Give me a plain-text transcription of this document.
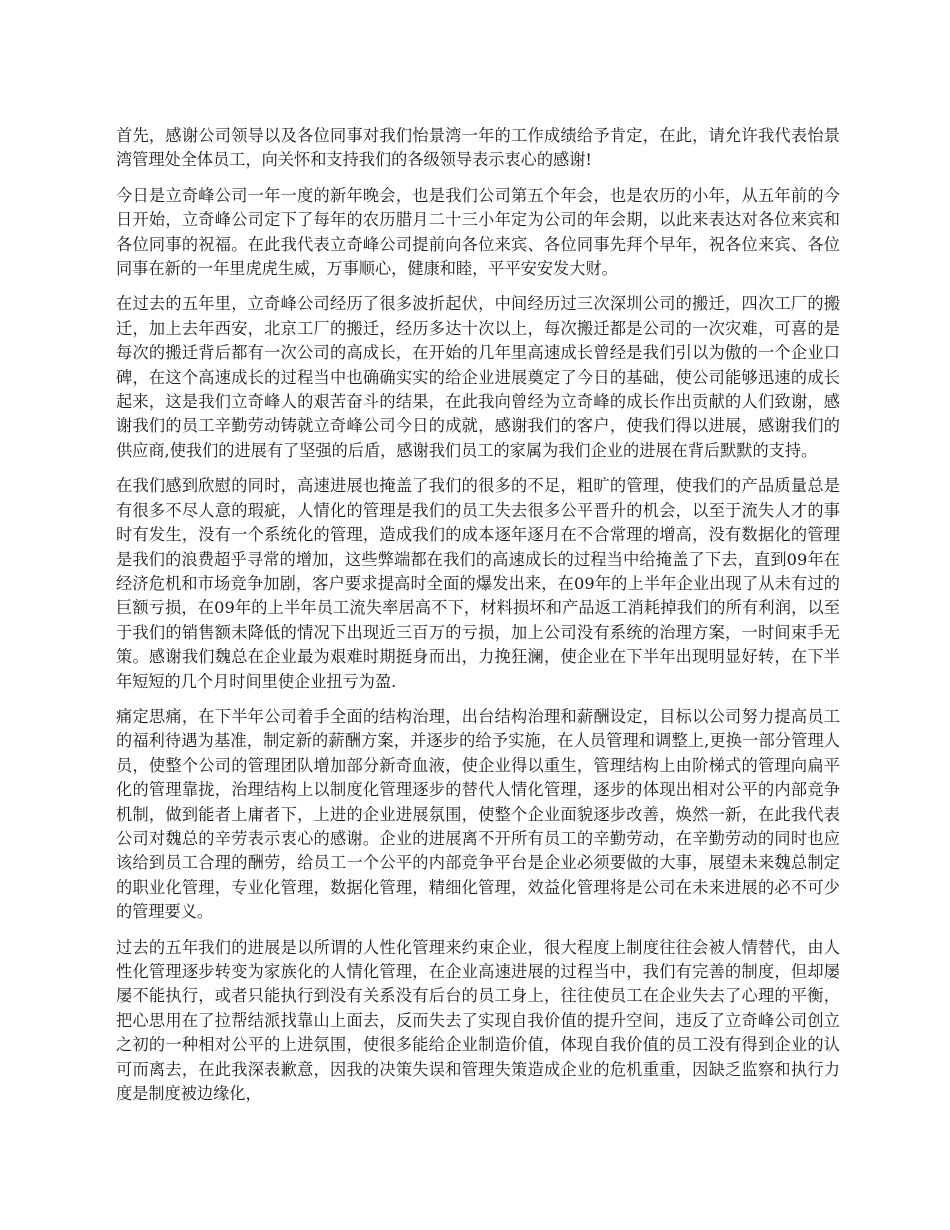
首先，感谢公司领导以及各位同事对我们怡景湾一年的工作成绩给予肯定，在此，请允许我代表怡景湾管理处全体员工，向关怀和支持我们的各级领导表示衷心的感谢!

今日是立奇峰公司一年一度的新年晚会，也是我们公司第五个年会，也是农历的小年，从五年前的今日开始，立奇峰公司定下了每年的农历腊月二十三小年定为公司的年会期，以此来表达对各位来宾和各位同事的祝福。在此我代表立奇峰公司提前向各位来宾、各位同事先拜个早年，祝各位来宾、各位同事在新的一年里虎虎生威，万事顺心，健康和睦，平平安安发大财。

在过去的五年里，立奇峰公司经历了很多波折起伏，中间经历过三次深圳公司的搬迁，四次工厂的搬迁，加上去年西安，北京工厂的搬迁，经历多达十次以上，每次搬迁都是公司的一次灾难，可喜的是每次的搬迁背后都有一次公司的高成长，在开始的几年里高速成长曾经是我们引以为傲的一个企业口碑，在这个高速成长的过程当中也确确实实的给企业进展奠定了今日的基础，使公司能够迅速的成长起来，这是我们立奇峰人的艰苦奋斗的结果，在此我向曾经为立奇峰的成长作出贡献的人们致谢，感谢我们的员工辛勤劳动铸就立奇峰公司今日的成就，感谢我们的客户，使我们得以进展，感谢我们的供应商,使我们的进展有了坚强的后盾，感谢我们员工的家属为我们企业的进展在背后默默的支持。

在我们感到欣慰的同时，高速进展也掩盖了我们的很多的不足，粗旷的管理，使我们的产品质量总是有很多不尽人意的瑕疵，人情化的管理是我们的员工失去很多公平晋升的机会，以至于流失人才的事时有发生，没有一个系统化的管理，造成我们的成本逐年逐月在不合常理的增高，没有数据化的管理是我们的浪费超乎寻常的增加，这些弊端都在我们的高速成长的过程当中给掩盖了下去，直到09年在经济危机和市场竞争加剧，客户要求提高时全面的爆发出来，在09年的上半年企业出现了从未有过的巨额亏损，在09年的上半年员工流失率居高不下，材料损坏和产品返工消耗掉我们的所有利润，以至于我们的销售额未降低的情况下出现近三百万的亏损，加上公司没有系统的治理方案，一时间束手无策。感谢我们魏总在企业最为艰难时期挺身而出，力挽狂澜，使企业在下半年出现明显好转，在下半年短短的几个月时间里使企业扭亏为盈.

痛定思痛，在下半年公司着手全面的结构治理，出台结构治理和薪酬设定，目标以公司努力提高员工的福利待遇为基准，制定新的薪酬方案，并逐步的给予实施，在人员管理和调整上,更换一部分管理人员，使整个公司的管理团队增加部分新奇血液，使企业得以重生，管理结构上由阶梯式的管理向扁平化的管理靠拢，治理结构上以制度化管理逐步的替代人情化管理，逐步的体现出相对公平的内部竞争机制，做到能者上庸者下，上进的企业进展氛围，使整个企业面貌逐步改善，焕然一新，在此我代表公司对魏总的辛劳表示衷心的感谢。企业的进展离不开所有员工的辛勤劳动，在辛勤劳动的同时也应该给到员工合理的酬劳，给员工一个公平的内部竞争平台是企业必须要做的大事，展望未来魏总制定的职业化管理，专业化管理，数据化管理，精细化管理，效益化管理将是公司在未来进展的必不可少的管理要义。

过去的五年我们的进展是以所谓的人性化管理来约束企业，很大程度上制度往往会被人情替代，由人性化管理逐步转变为家族化的人情化管理，在企业高速进展的过程当中，我们有完善的制度，但却屡屡不能执行，或者只能执行到没有关系没有后台的员工身上，往往使员工在企业失去了心理的平衡，把心思用在了拉帮结派找靠山上面去，反而失去了实现自我价值的提升空间，违反了立奇峰公司创立之初的一种相对公平的上进氛围，使很多能给企业制造价值，体现自我价值的员工没有得到企业的认可而离去，在此我深表歉意，因我的决策失误和管理失策造成企业的危机重重，因缺乏监察和执行力度是制度被边缘化，
